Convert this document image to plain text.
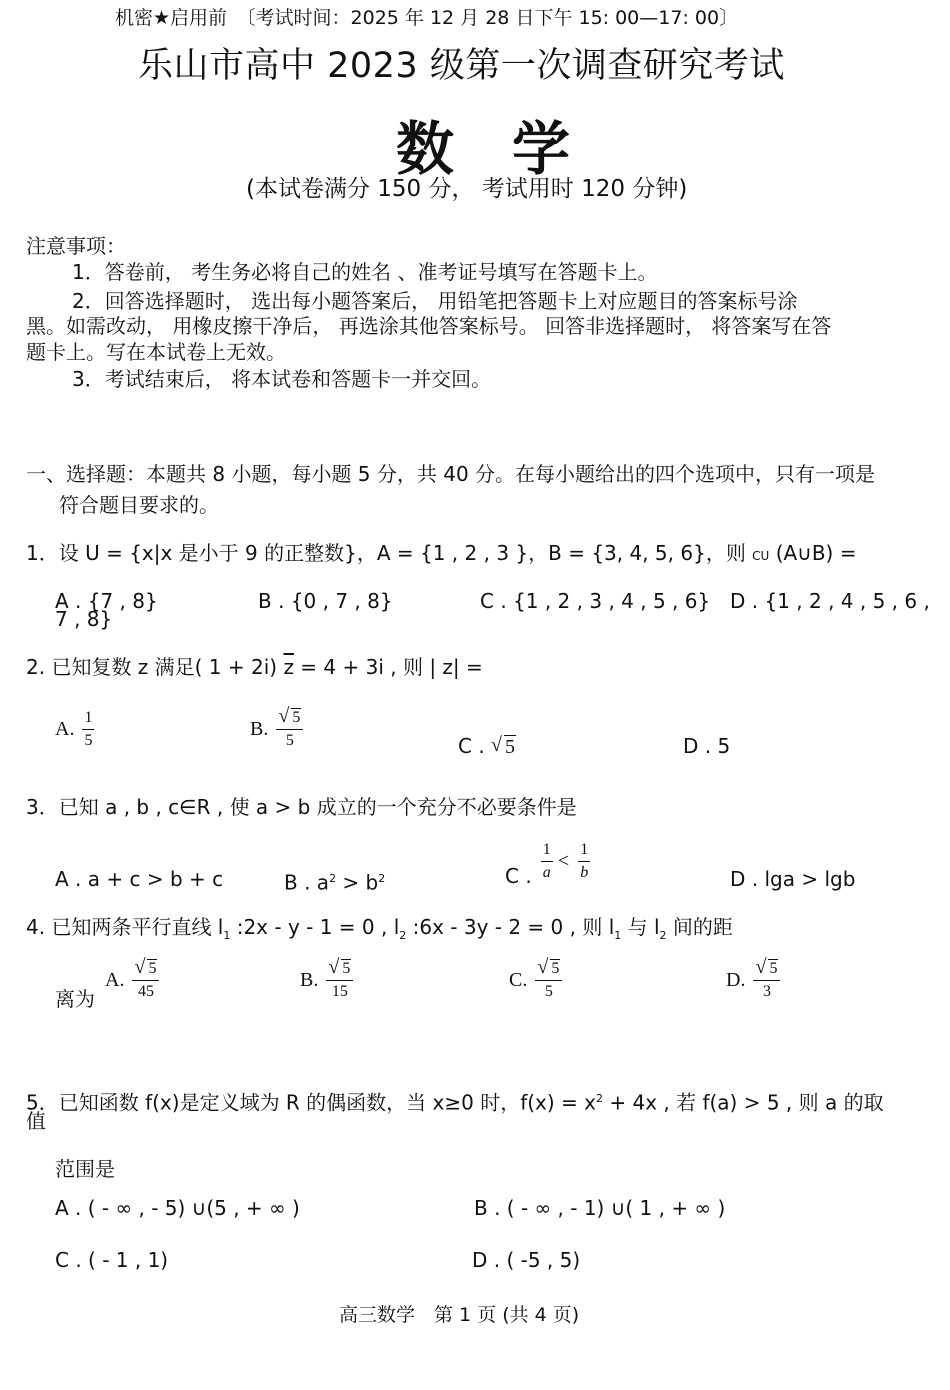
机密★启用前　〔考试时间：2025 年 12 月 28 日下午 15: 00—17: 00〕
乐山市高中 2023 级第一次调查研究考试
数　学
(本试卷满分 150 分， 考试用时 120 分钟)
注意事项：
1．答卷前， 考生务必将自己的姓名 、准考证号填写在答题卡上。
2．回答选择题时， 选出每小题答案后， 用铅笔把答题卡上对应题目的答案标号涂
黑。如需改动， 用橡皮擦干净后， 再选涂其他答案标号。 回答非选择题时， 将答案写在答
题卡上。写在本试卷上无效。
3．考试结束后， 将本试卷和答题卡一并交回。
一、选择题：本题共 8 小题，每小题 5 分，共 40 分。在每小题给出的四个选项中，只有一项是
符合题目要求的。
1．设 U = {x|x 是小于 9 的正整数}，A = {1 , 2 , 3 }，B = {3, 4, 5, 6}，则 CU (A∪B) =
A . {7 , 8}	B . {0 , 7 , 8}	C . {1 , 2 , 3 , 4 , 5 , 6} D . {1 , 2 , 4 , 5 , 6 ,
7 , 8}
2. 已知复数 z 满足( 1 + 2i) $\overline{z} = 4 + 3i$ , 则 | z| =
A. $\frac{1}{5}$	B. $\frac{√ 5}{5}$	C . √ 5	D . 5
3．已知 a , b , c∈R , 使 a > b 成立的一个充分不必要条件是
A . a + c > b + c	B . $a^2 > b^2$	C . $\frac{1}{a} < \frac{1}{b}$	D . lga > lgb
4. 已知两条平行直线 $l_1$ :2x - y - 1 = 0 , $l_2$ :6x - 3y - 2 = 0 , 则 $l_1$ 与 $l_2$ 间的距
离为
A. $\frac{√ 5}{45}$	B. $\frac{√ 5}{15}$	C. $\frac{√ 5}{5}$	D. $\frac{√ 5}{3}$
5．已知函数 f(x)是定义域为 R 的偶函数，当 x≥0 时，$f(x) = x^2 + 4x$ , 若 f(a) > 5 , 则 a 的取
值
范围是
A . ( - ∞ , - 5) ∪(5 , + ∞ )	B . ( - ∞ , - 1) ∪( 1 , + ∞ )
C . ( - 1 , 1)	D . ( -5 , 5)
高三数学　第 1 页 (共 4 页)
